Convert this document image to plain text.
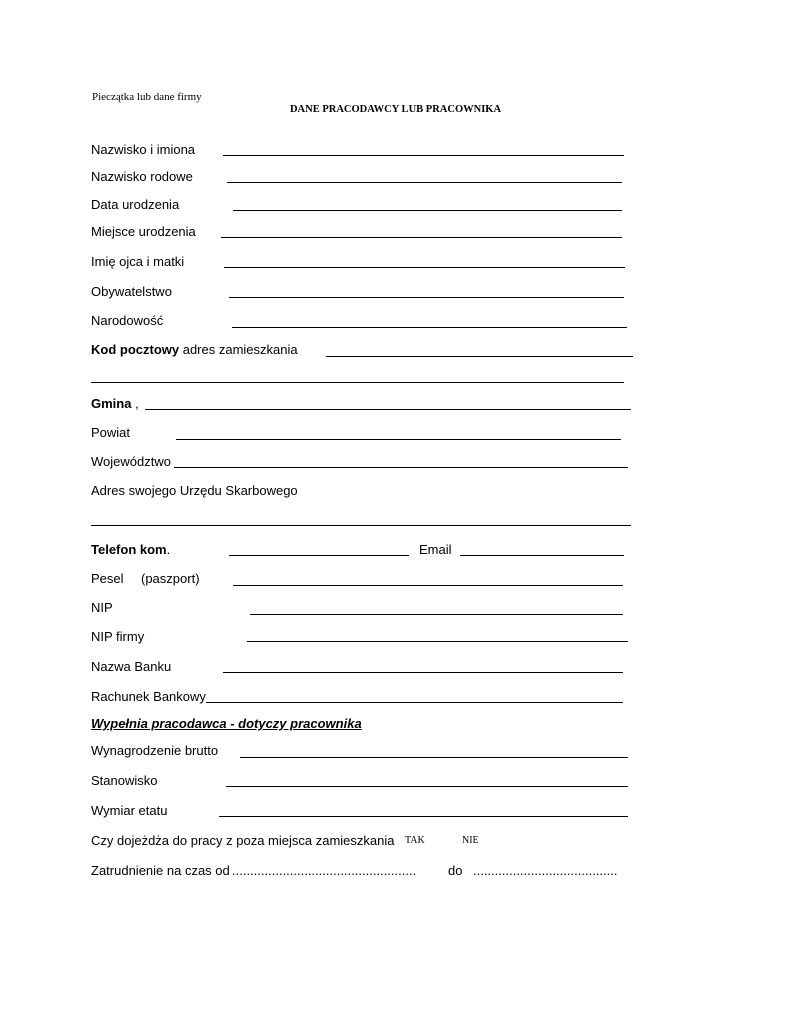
Pieczątka lub dane firmy
DANE PRACODAWCY LUB PRACOWNIKA
Nazwisko i imiona
Nazwisko rodowe
Data urodzenia
Miejsce urodzenia
Imię ojca i matki
Obywatelstwo
Narodowość
Kod pocztowy adres zamieszkania
Gmina ,
Powiat
Województwo
Adres swojego Urzędu Skarbowego
Telefon kom.	Email
Pesel (paszport)
NIP
NIP firmy
Nazwa Banku
Rachunek Bankowy
Wypełnia pracodawca - dotyczy pracownika
Wynagrodzenie brutto
Stanowisko
Wymiar etatu
Czy dojeżdża do pracy z poza miejsca zamieszkania TAK	NIE
Zatrudnienie na czas od ................................................... do ........................................
